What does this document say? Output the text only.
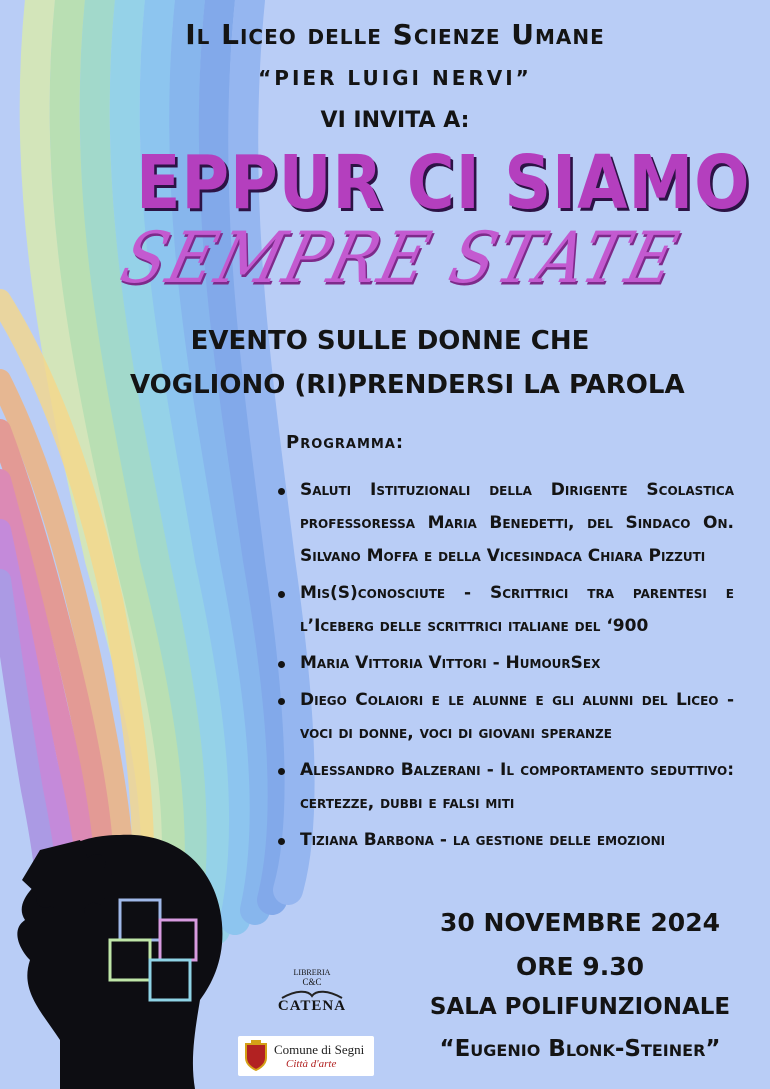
Il Liceo delle Scienze Umane
“PIER LUIGI NERVI”
VI INVITA A:
EPPUR CI SIAMO
SEMPRE STATE
EVENTO SULLE DONNE CHE
VOGLIONO (RI)PRENDERSI LA PAROLA
Programma:
Saluti Istituzionali della Dirigente Scolastica professoressa Maria Benedetti, del Sindaco On. Silvano Moffa e della Vicesindaca Chiara Pizzuti
Mis(S)conosciute - Scrittrici tra parentesi e l’Iceberg delle scrittrici italiane del ‘900
Maria Vittoria Vittori - HumourSex
Diego Colaiori e le alunne e gli alunni del Liceo - voci di donne, voci di giovani speranze
Alessandro Balzerani - Il comportamento seduttivo: certezze, dubbi e falsi miti
Tiziana Barbona - la gestione delle emozioni
30 NOVEMBRE 2024
ORE 9.30
SALA POLIFUNZIONALE
“Eugenio Blonk-Steiner”
LIBRERIA
C&C
CATENA
Comune di Segni
Città d'arte
